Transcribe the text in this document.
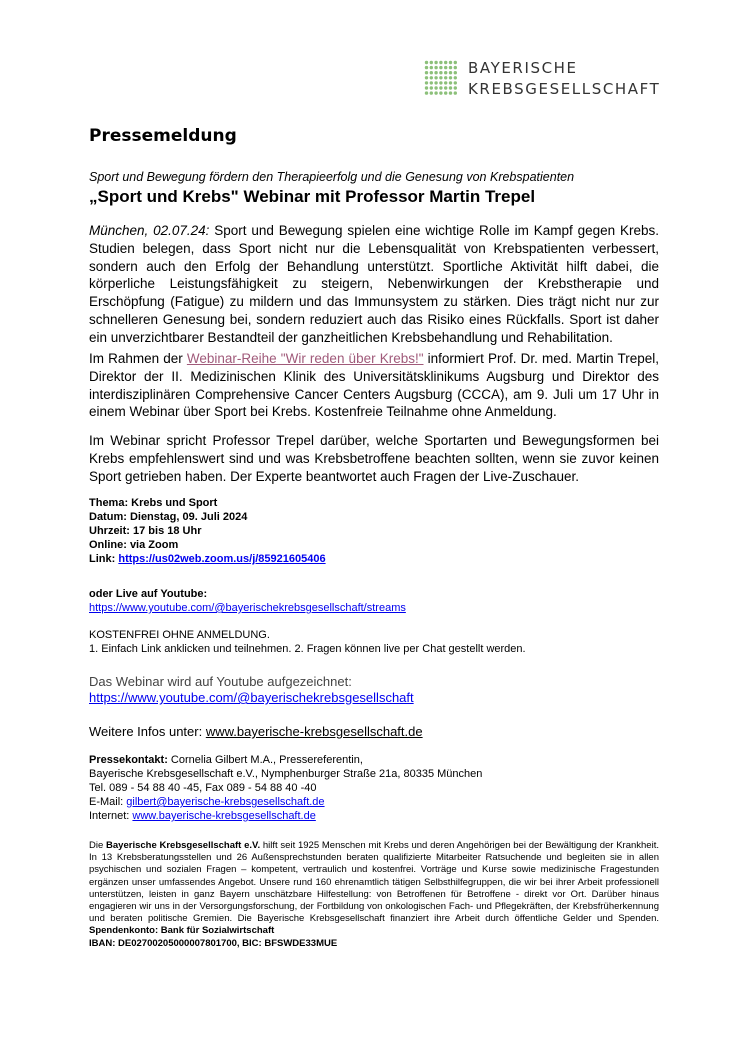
BAYERISCHE
KREBSGESELLSCHAFT
Pressemeldung
Sport und Bewegung fördern den Therapieerfolg und die Genesung von Krebspatienten
„Sport und Krebs" Webinar mit Professor Martin Trepel

München, 02.07.24: Sport und Bewegung spielen eine wichtige Rolle im Kampf gegen Krebs. Studien belegen, dass Sport nicht nur die Lebensqualität von Krebspatienten verbessert, sondern auch den Erfolg der Behandlung unterstützt. Sportliche Aktivität hilft dabei, die körperliche Leistungsfähigkeit zu steigern, Nebenwirkungen der Krebstherapie und Erschöpfung (Fatigue) zu mildern und das Immunsystem zu stärken. Dies trägt nicht nur zur schnelleren Genesung bei, sondern reduziert auch das Risiko eines Rückfalls. Sport ist daher ein unverzichtbarer Bestandteil der ganzheitlichen Krebsbehandlung und Rehabilitation.

Im Rahmen der Webinar-Reihe "Wir reden über Krebs!" informiert Prof. Dr. med. Martin Trepel, Direktor der II. Medizinischen Klinik des Universitätsklinikums Augsburg und Direktor des interdisziplinären Comprehensive Cancer Centers Augsburg (CCCA), am 9. Juli um 17 Uhr in einem Webinar über Sport bei Krebs. Kostenfreie Teilnahme ohne Anmeldung.

Im Webinar spricht Professor Trepel darüber, welche Sportarten und Bewegungsformen bei Krebs empfehlenswert sind und was Krebsbetroffene beachten sollten, wenn sie zuvor keinen Sport getrieben haben. Der Experte beantwortet auch Fragen der Live-Zuschauer.

Thema: Krebs und Sport
Datum: Dienstag, 09. Juli 2024
Uhrzeit: 17 bis 18 Uhr
Online: via Zoom
Link: https://us02web.zoom.us/j/85921605406
oder Live auf Youtube:
https://www.youtube.com/@bayerischekrebsgesellschaft/streams
KOSTENFREI OHNE ANMELDUNG.
1. Einfach Link anklicken und teilnehmen. 2. Fragen können live per Chat gestellt werden.
Das Webinar wird auf Youtube aufgezeichnet:
https://www.youtube.com/@bayerischekrebsgesellschaft
Weitere Infos unter: www.bayerische-krebsgesellschaft.de
Pressekontakt: Cornelia Gilbert M.A., Pressereferentin,
Bayerische Krebsgesellschaft e.V., Nymphenburger Straße 21a, 80335 München
Tel. 089 - 54 88 40 -45, Fax 089 - 54 88 40 -40
E-Mail: gilbert@bayerische-krebsgesellschaft.de
Internet: www.bayerische-krebsgesellschaft.de

Die Bayerische Krebsgesellschaft e.V. hilft seit 1925 Menschen mit Krebs und deren Angehörigen bei der Bewältigung der Krankheit. In 13 Krebsberatungsstellen und 26 Außensprechstunden beraten qualifizierte Mitarbeiter Ratsuchende und begleiten sie in allen psychischen und sozialen Fragen – kompetent, vertraulich und kostenfrei. Vorträge und Kurse sowie medizinische Fragestunden ergänzen unser umfassendes Angebot. Unsere rund 160 ehrenamtlich tätigen Selbsthilfegruppen, die wir bei ihrer Arbeit professionell unterstützen, leisten in ganz Bayern unschätzbare Hilfestellung: von Betroffenen für Betroffene - direkt vor Ort. Darüber hinaus engagieren wir uns in der Versorgungsforschung, der Fortbildung von onkologischen Fach- und Pflegekräften, der Krebsfrüherkennung und beraten politische Gremien. Die Bayerische Krebsgesellschaft finanziert ihre Arbeit durch öffentliche Gelder und Spenden. Spendenkonto: Bank für Sozialwirtschaft
IBAN: DE02700205000007801700, BIC: BFSWDE33MUE
